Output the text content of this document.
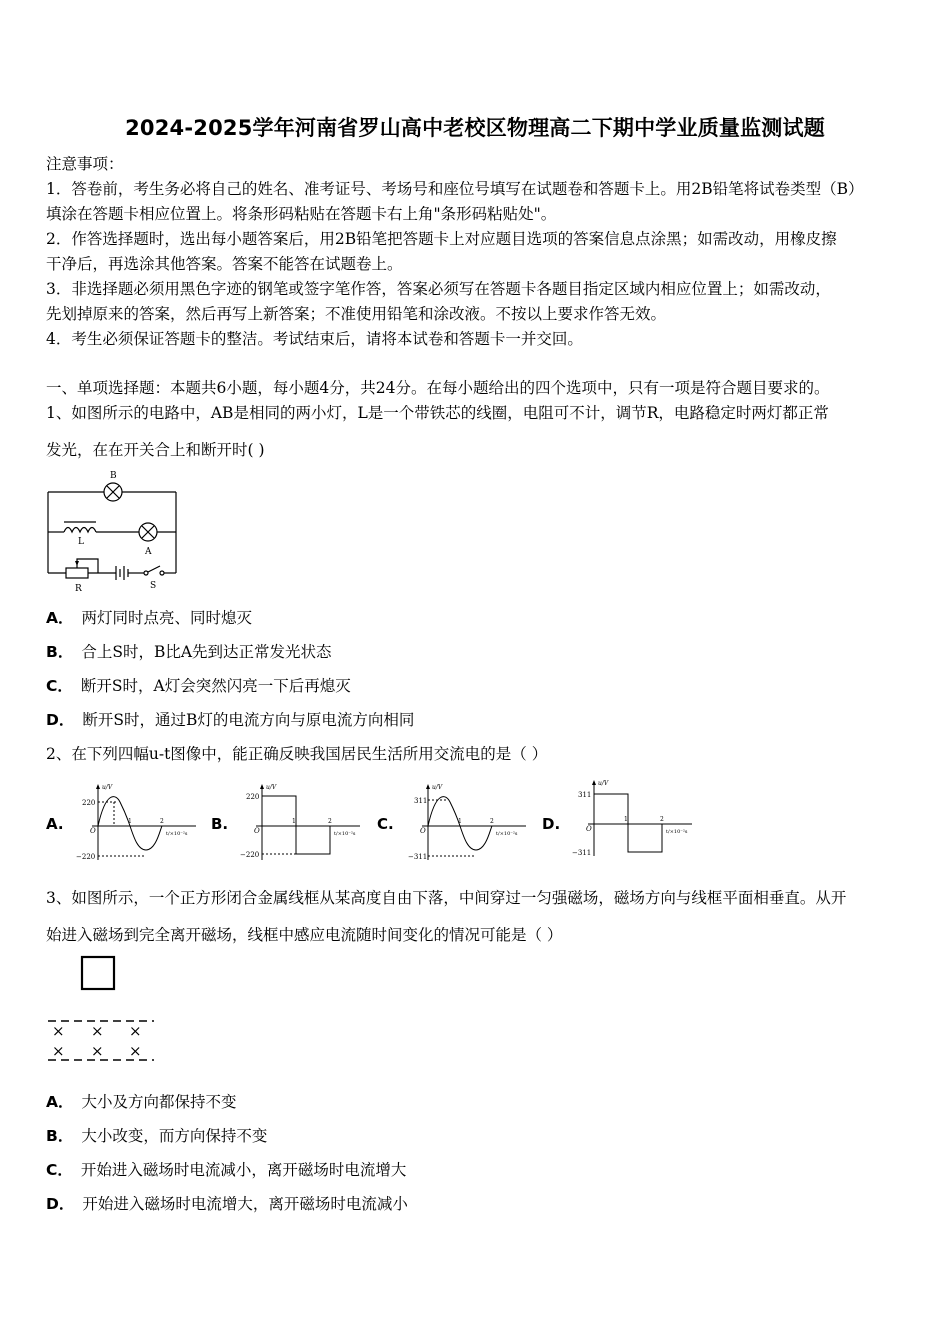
2024-2025学年河南省罗山高中老校区物理高二下期中学业质量监测试题
注意事项：
1．答卷前，考生务必将自己的姓名、准考证号、考场号和座位号填写在试题卷和答题卡上。用2B铅笔将试卷类型（B）
填涂在答题卡相应位置上。将条形码粘贴在答题卡右上角"条形码粘贴处"。
2．作答选择题时，选出每小题答案后，用2B铅笔把答题卡上对应题目选项的答案信息点涂黑；如需改动，用橡皮擦
干净后，再选涂其他答案。答案不能答在试题卷上。
3．非选择题必须用黑色字迹的钢笔或签字笔作答，答案必须写在答题卡各题目指定区域内相应位置上；如需改动，
先划掉原来的答案，然后再写上新答案；不准使用铅笔和涂改液。不按以上要求作答无效。
4．考生必须保证答题卡的整洁。考试结束后，请将本试卷和答题卡一并交回。
一、单项选择题：本题共6小题，每小题4分，共24分。在每小题给出的四个选项中，只有一项是符合题目要求的。
1、如图所示的电路中，AB是相同的两小灯，L是一个带铁芯的线圈，电阻可不计，调节R，电路稳定时两灯都正常
发光，在在开关合上和断开时( )
B
L
A
R	S
A． 两灯同时点亮、同时熄灭
B． 合上S时，B比A先到达正常发光状态
C． 断开S时，A灯会突然闪亮一下后再熄灭
D． 断开S时，通过B灯的电流方向与原电流方向相同
2、在下列四幅u-t图像中，能正确反映我国居民生活所用交流电的是（ ）
A.	B.	C.	D.
u/V
220
−220
O
1	2
t/×10⁻²s
u/V
220
−220
O
1	2
t/×10⁻²s
u/V
311
−311
O
1	2
t/×10⁻²s
u/V
311
−311
O
1	2
t/×10⁻²s
3、如图所示，一个正方形闭合金属线框从某高度自由下落，中间穿过一匀强磁场，磁场方向与线框平面相垂直。从开
始进入磁场到完全离开磁场，线框中感应电流随时间变化的情况可能是（ ）
× × ×
× × ×
A． 大小及方向都保持不变
B． 大小改变，而方向保持不变
C． 开始进入磁场时电流减小，离开磁场时电流增大
D． 开始进入磁场时电流增大，离开磁场时电流减小
